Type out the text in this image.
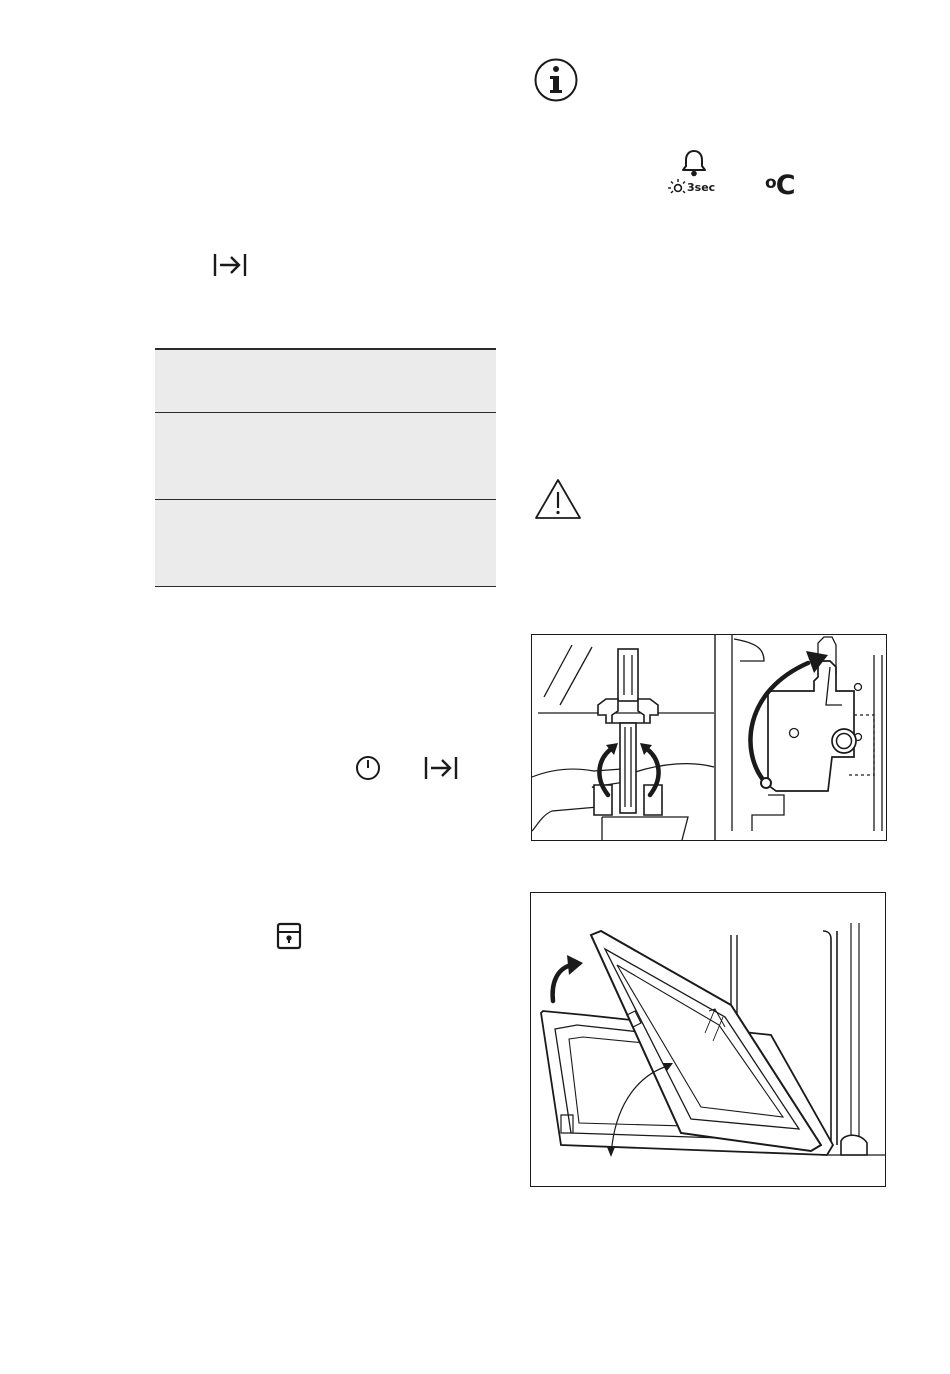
3sec	$^o$C
